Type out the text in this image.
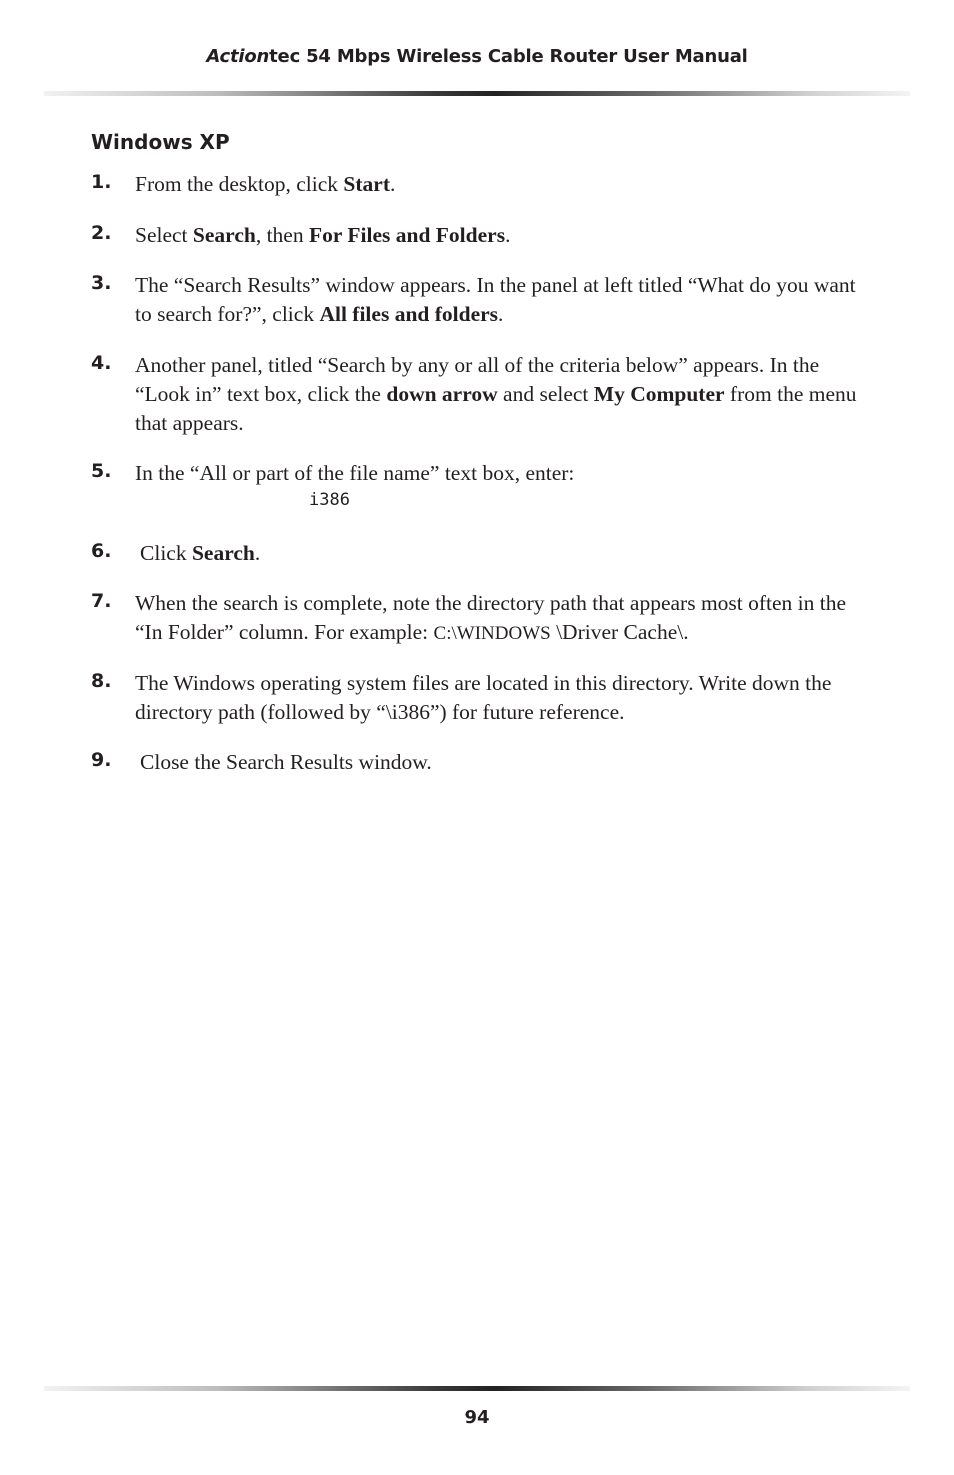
Actiontec 54 Mbps Wireless Cable Router User Manual
Windows XP
1.	From the desktop, click Start.
2.	Select Search, then For Files and Folders.
3.	The “Search Results” window appears. In the panel at left titled “What do you want to search for?”, click All files and folders.
4.	Another panel, titled “Search by any or all of the criteria below” appears. In the “Look in” text box, click the down arrow and select My Computer from the menu that appears.
5.	In the “All or part of the file name” text box, enter:
i386
6.	Click Search.
7.	When the search is complete, note the directory path that appears most often in the “In Folder” column. For example: C:\WINDOWS \Driver Cache\.
8.	The Windows operating system files are located in this directory. Write down the directory path (followed by “\i386”) for future reference.
9.	Close the Search Results window.
94
